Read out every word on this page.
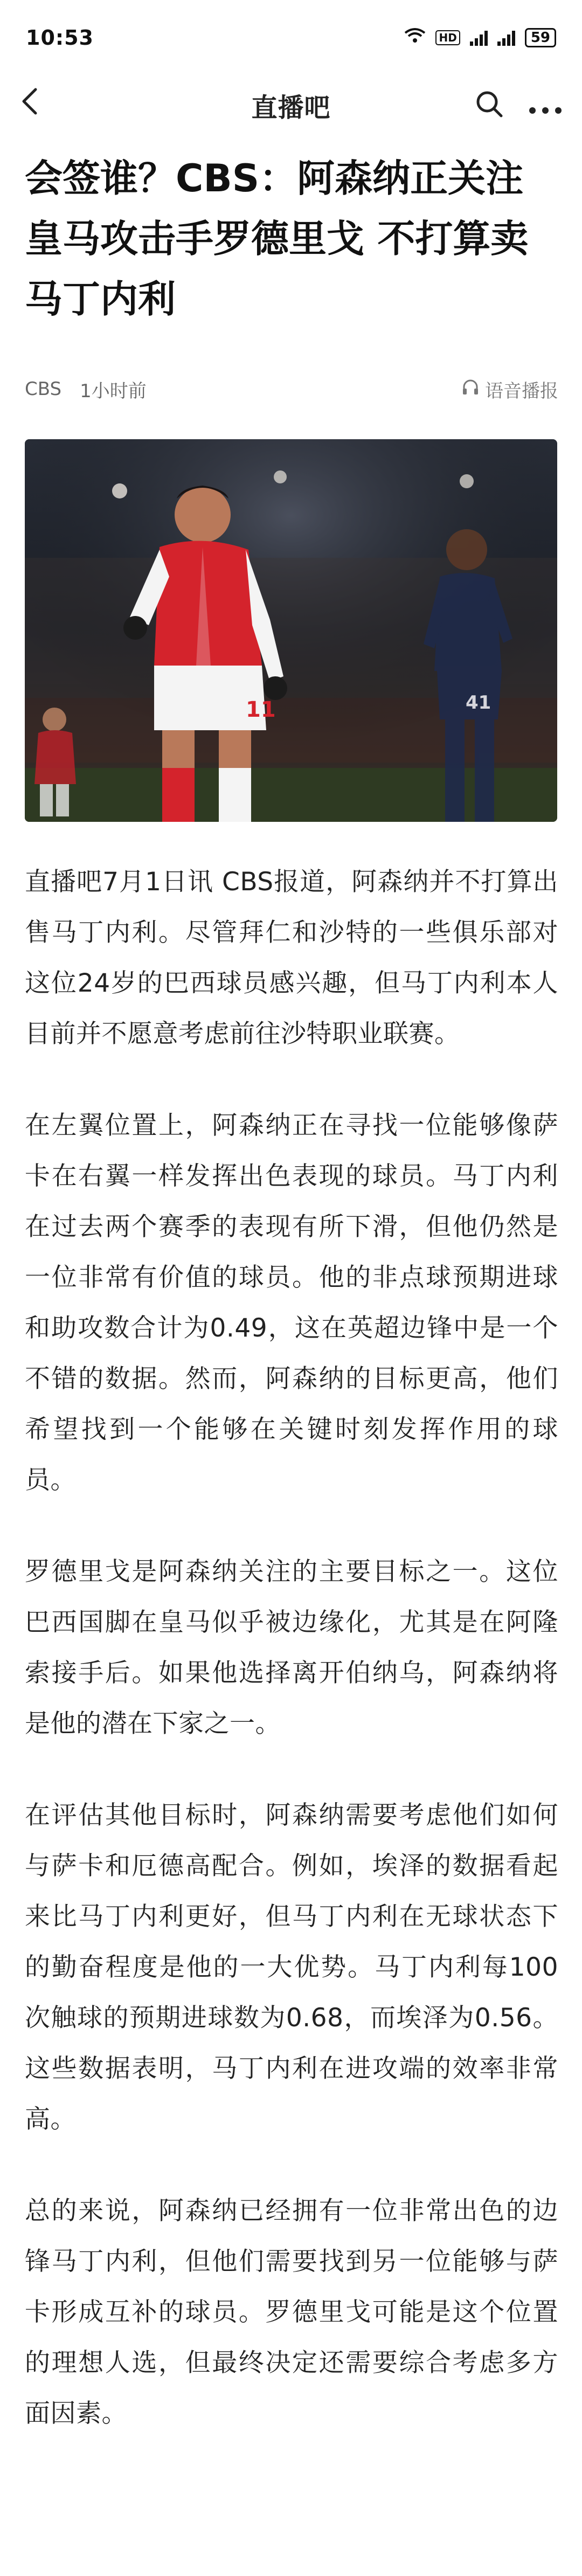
10:53	HD	59
直播吧
会签谁？CBS：阿森纳正关注皇马攻击手罗德里戈 不打算卖马丁内利
CBS 1小时前	语音播报
11	41

直播吧7月1日讯 CBS报道，阿森纳并不打算出售马丁内利。尽管拜仁和沙特的一些俱乐部对这位24岁的巴西球员感兴趣，但马丁内利本人目前并不愿意考虑前往沙特职业联赛。

在左翼位置上，阿森纳正在寻找一位能够像萨卡在右翼一样发挥出色表现的球员。马丁内利在过去两个赛季的表现有所下滑，但他仍然是一位非常有价值的球员。他的非点球预期进球和助攻数合计为0.49，这在英超边锋中是一个不错的数据。然而，阿森纳的目标更高，他们希望找到一个能够在关键时刻发挥作用的球员。

罗德里戈是阿森纳关注的主要目标之一。这位巴西国脚在皇马似乎被边缘化，尤其是在阿隆索接手后。如果他选择离开伯纳乌，阿森纳将是他的潜在下家之一。

在评估其他目标时，阿森纳需要考虑他们如何与萨卡和厄德高配合。例如，埃泽的数据看起来比马丁内利更好，但马丁内利在无球状态下的勤奋程度是他的一大优势。马丁内利每100次触球的预期进球数为0.68，而埃泽为0.56。这些数据表明，马丁内利在进攻端的效率非常高。

总的来说，阿森纳已经拥有一位非常出色的边锋马丁内利，但他们需要找到另一位能够与萨卡形成互补的球员。罗德里戈可能是这个位置的理想人选，但最终决定还需要综合考虑多方面因素。
